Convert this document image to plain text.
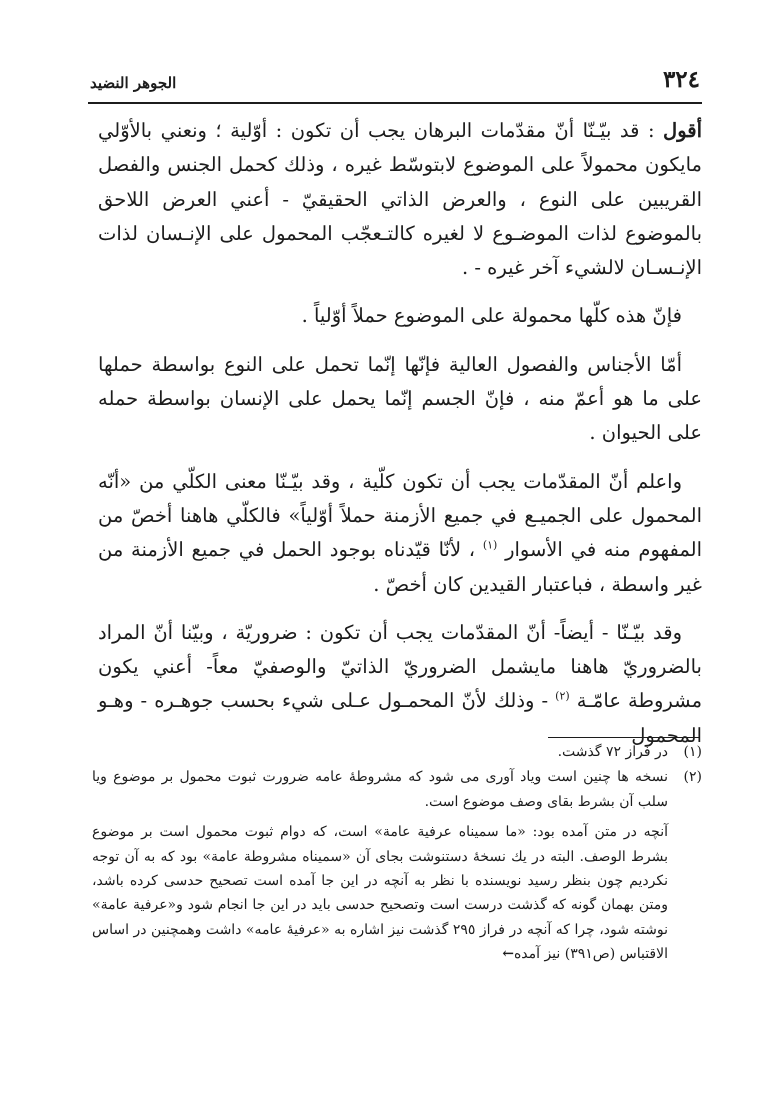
٣٢٤
الجوهر النضيد

أقول : قد بيّـنّا أنّ مقدّمات البرهان يجب أن تكون : أوّلية ؛ ونعني بالأوّلي مايكون محمولاً على الموضوع لابتوسّط غيره ، وذلك كحمل الجنس والفصل القريبين على النوع ، والعرض الذاتي الحقيقيّ - أعني العرض اللاحق بالموضوع لذات الموضـوع لا لغيره كالتـعجّب المحمول على الإنـسان لذات الإنـسـان لالشيء آخر غيره - .

فإنّ هذه كلّها محمولة على الموضوع حملاً أوّلياً .

أمّا الأجناس والفصول العالية فإنّها إنّما تحمل على النوع بواسطة حملها على ما هو أعمّ منه ، فإنّ الجسم إنّما يحمل على الإنسان بواسطة حمله على الحيوان .

واعلم أنّ المقدّمات يجب أن تكون كلّية ، وقد بيّـنّا معنى الكلّي من «أنّه المحمول على الجميـع في جميع الأزمنة حملاً أوّلياً» فالكلّي هاهنا أخصّ من المفهوم منه في الأسوار $^{(١)}$ ، لأنّا قيّدناه بوجود الحمل في جميع الأزمنة من غير واسطة ، فباعتبار القيدين كان أخصّ .

وقد بيّـنّا - أيضاً- أنّ المقدّمات يجب أن تكون : ضروريّة ، وبيّنا أنّ المراد بالضروريّ هاهنا مايشمل الضروريّ الذاتيّ والوصفيّ معاً- أعني يكون مشروطة عامّـة $^{(٢)}$ - وذلك لأنّ المحمـول عـلى شيء بحسب جوهـره - وهـو المحمول

(١)
در فراز ٧٢ گذشت.
(٢)
نسخه ها چنين است وياد آورى مى شود كه مشروطهٔ عامه ضرورت ثبوت محمول بر موضوع ويا سلب آن بشرط بقاى وصف موضوع است.
آنچه در متن آمده بود: «ما سميناه عرفية عامة» است، كه دوام ثبوت محمول است بر موضوع بشرط الوصف. البته در يك نسخهٔ دستنوشت بجاى آن «سميناه مشروطة عامة» بود كه به آن توجه نكرديم چون بنظر رسيد نويسنده با نظر به آنچه در اين جا آمده است تصحيح حدسى كرده باشد، ومتن بهمان گونه كه گذشت درست است وتصحيح حدسى بايد در اين جا انجام شود و«عرفية عامة» نوشته شود، چرا كه آنچه در فراز ٢٩٥ گذشت نيز اشاره به «عرفيهٔ عامه» داشت وهمچنين در اساس الاقتباس (ص٣٩١) نيز آمده←
